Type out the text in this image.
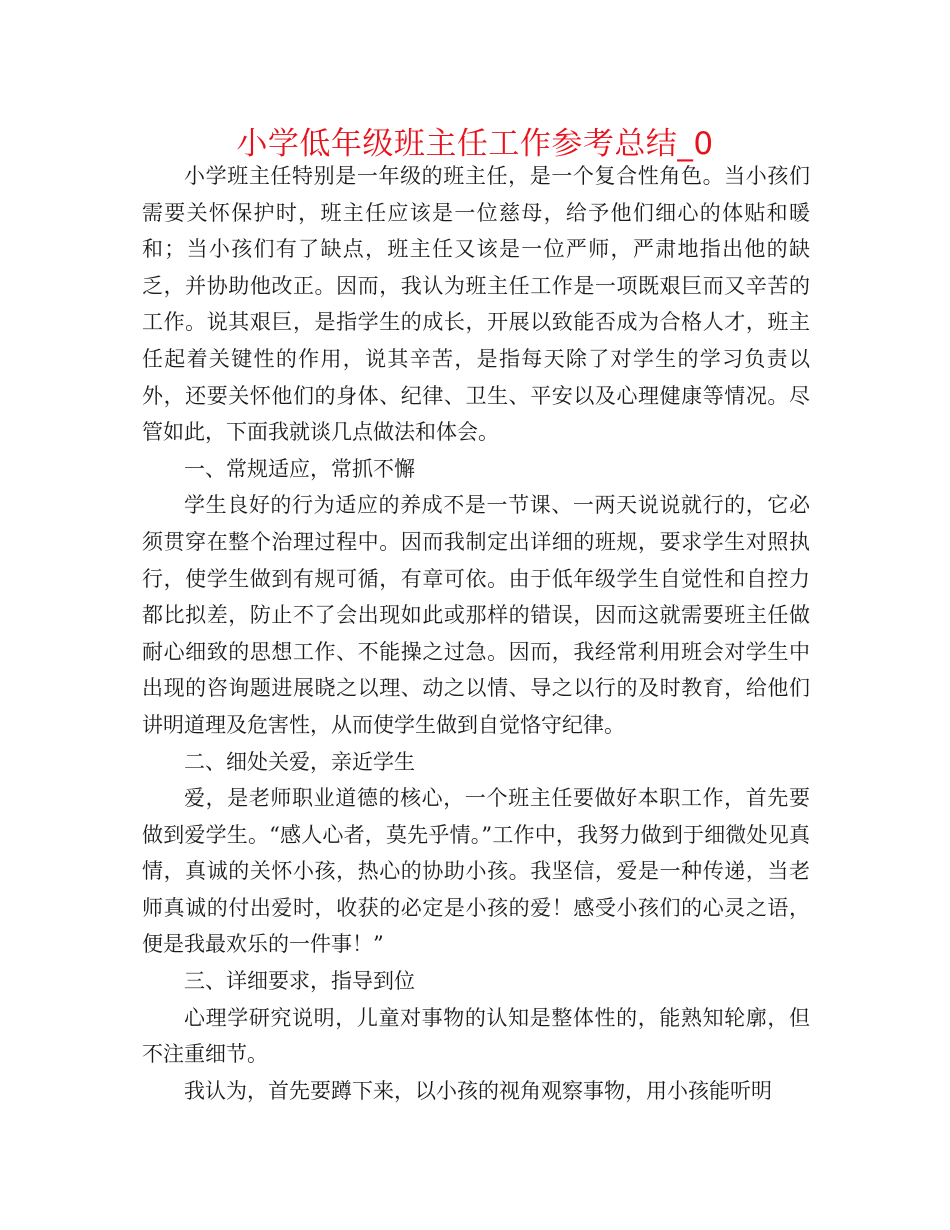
小学低年级班主任工作参考总结_0

小学班主任特别是一年级的班主任，是一个复合性角色。当小孩们需要关怀保护时，班主任应该是一位慈母，给予他们细心的体贴和暖和；当小孩们有了缺点，班主任又该是一位严师，严肃地指出他的缺乏，并协助他改正。因而，我认为班主任工作是一项既艰巨而又辛苦的工作。说其艰巨，是指学生的成长，开展以致能否成为合格人才，班主任起着关键性的作用，说其辛苦，是指每天除了对学生的学习负责以外，还要关怀他们的身体、纪律、卫生、平安以及心理健康等情况。尽管如此，下面我就谈几点做法和体会。

一、常规适应，常抓不懈

学生良好的行为适应的养成不是一节课、一两天说说就行的，它必须贯穿在整个治理过程中。因而我制定出详细的班规，要求学生对照执行，使学生做到有规可循，有章可依。由于低年级学生自觉性和自控力都比拟差，防止不了会出现如此或那样的错误，因而这就需要班主任做耐心细致的思想工作、不能操之过急。因而，我经常利用班会对学生中出现的咨询题进展晓之以理、动之以情、导之以行的及时教育，给他们讲明道理及危害性，从而使学生做到自觉恪守纪律。

二、细处关爱，亲近学生

爱，是老师职业道德的核心，一个班主任要做好本职工作，首先要做到爱学生。“感人心者，莫先乎情。”工作中，我努力做到于细微处见真情，真诚的关怀小孩，热心的协助小孩。我坚信，爱是一种传递，当老师真诚的付出爱时，收获的必定是小孩的爱！感受小孩们的心灵之语，便是我最欢乐的一件事！”

三、详细要求，指导到位

心理学研究说明，儿童对事物的认知是整体性的，能熟知轮廓，但不注重细节。

我认为，首先要蹲下来，以小孩的视角观察事物，用小孩能听明
